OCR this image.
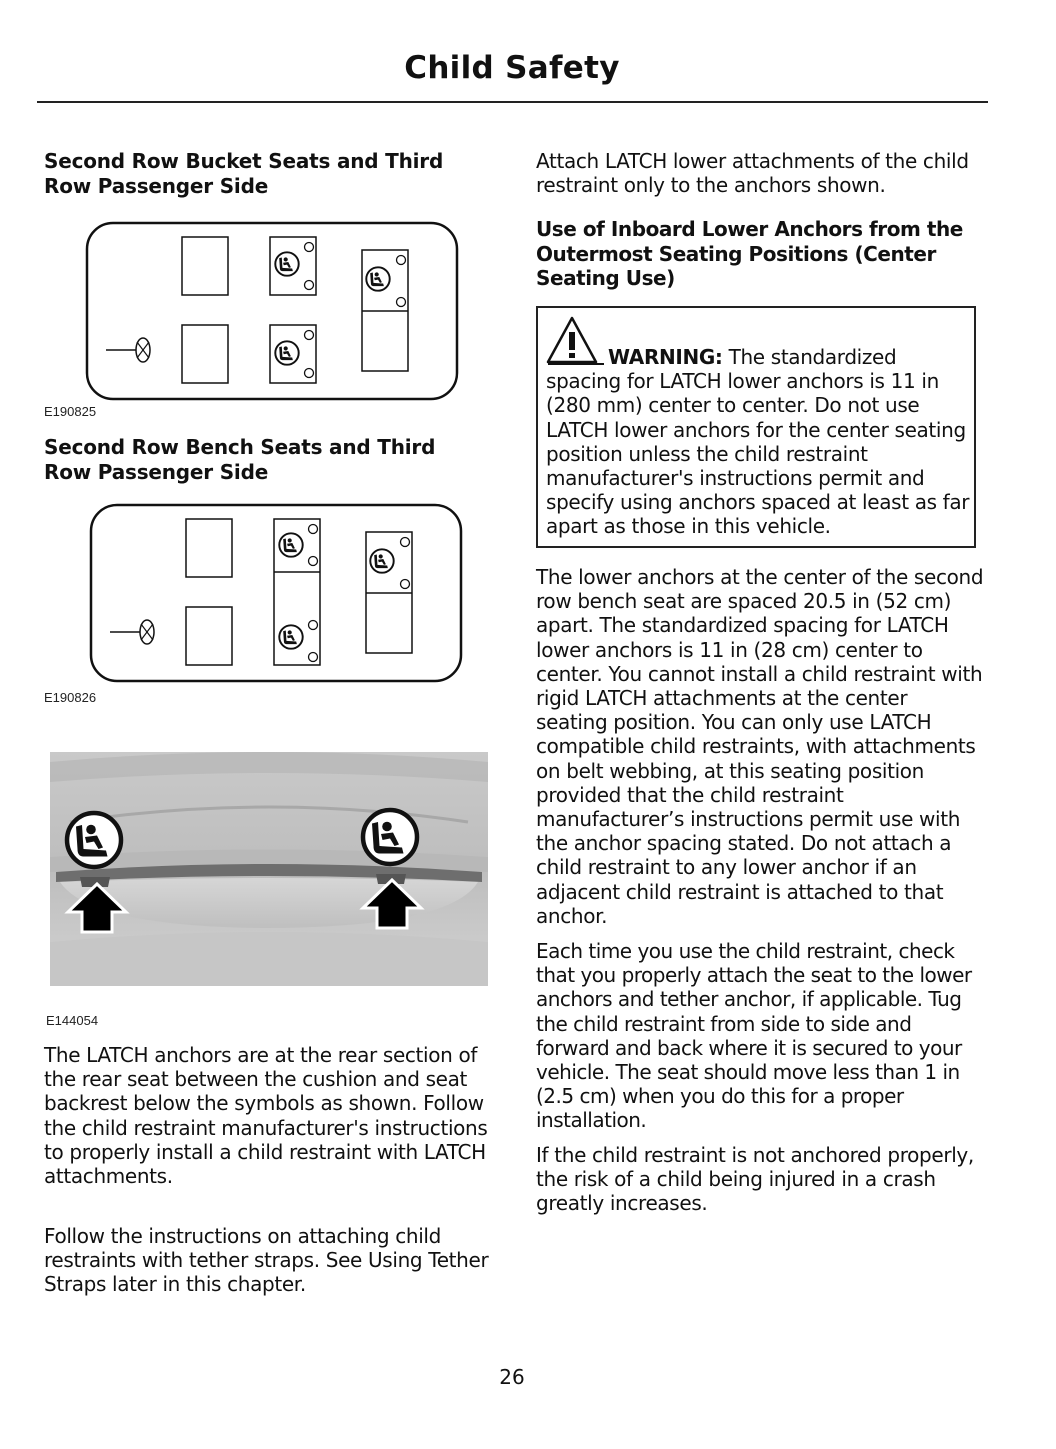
Child Safety
Second Row Bucket Seats and Third Row Passenger Side
E190825
Second Row Bench Seats and Third Row Passenger Side
E190826
E144054

The LATCH anchors are at the rear section of the rear seat between the cushion and seat backrest below the symbols as shown. Follow the child restraint manufacturer's instructions to properly install a child restraint with LATCH attachments.

Follow the instructions on attaching child restraints with tether straps. See Using Tether Straps later in this chapter.

Attach LATCH lower attachments of the child restraint only to the anchors shown.

Use of Inboard Lower Anchors from the Outermost Seating Positions (Center Seating Use)
WARNING: The standardized spacing for LATCH lower anchors is 11 in (280 mm) center to center. Do not use LATCH lower anchors for the center seating position unless the child restraint manufacturer's instructions permit and specify using anchors spaced at least as far apart as those in this vehicle.

The lower anchors at the center of the second row bench seat are spaced 20.5 in (52 cm) apart. The standardized spacing for LATCH lower anchors is 11 in (28 cm) center to center. You cannot install a child restraint with rigid LATCH attachments at the center seating position. You can only use LATCH compatible child restraints, with attachments on belt webbing, at this seating position provided that the child restraint manufacturer’s instructions permit use with the anchor spacing stated. Do not attach a child restraint to any lower anchor if an adjacent child restraint is attached to that anchor.

Each time you use the child restraint, check that you properly attach the seat to the lower anchors and tether anchor, if applicable. Tug the child restraint from side to side and forward and back where it is secured to your vehicle. The seat should move less than 1 in (2.5 cm) when you do this for a proper installation.

If the child restraint is not anchored properly, the risk of a child being injured in a crash greatly increases.

26
